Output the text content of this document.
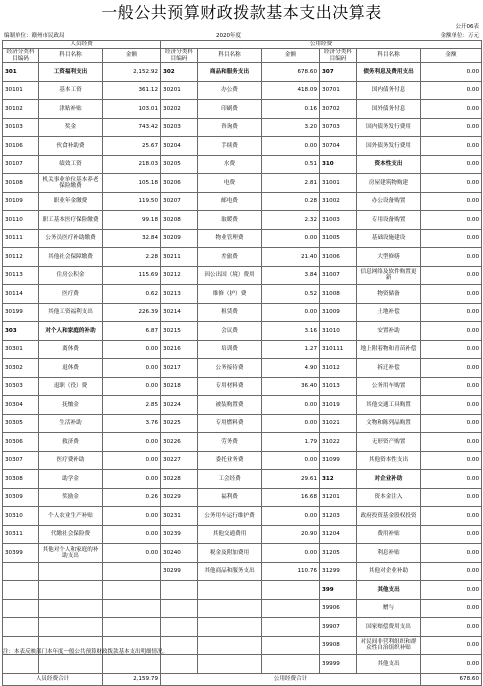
一般公共预算财政拨款基本支出决算表
公开06表
编制单位：赣州市民政局	2020年度	金额单位：万元
人员经费			公用经费					
经济分类科目编码	科目名称	金额	经济分类科目编码	科目名称	金额	经济分类科目编码	科目名称	金额
301	工资福利支出	2,152.92	302	商品和服务支出	678.60	307	债务利息及费用支出	0.00
30101	基本工资	361.12	30201	办公费	418.09	30701	国内债务付息	0.00
30102	津贴补贴	103.01	30202	印刷费	0.16	30702	国外债务付息	0.00
30103	奖金	743.42	30203	咨询费	3.20	30703	国内债务发行费用	0.00
30106	伙食补助费	25.67	30204	手续费	0.00	30704	国外债务发行费用	0.00
30107	绩效工资	218.03	30205	水费	0.51	310	资本性支出	0.00
30108	机关事业单位基本养老保险缴费	105.18	30206	电费	2.81	31001	房屋建筑物购建	0.00
30109	职业年金缴费	119.50	30207	邮电费	0.28	31002	办公设备购置	0.00
30110	职工基本医疗保险缴费	99.18	30208	取暖费	2.32	31003	专用设备购置	0.00
30111	公务员医疗补助缴费	32.84	30209	物业管理费	0.00	31005	基础设施建设	0.00
30112	其他社会保障缴费	2.28	30211	差旅费	21.40	31006	大型修缮	0.00
30113	住房公积金	115.69	30212	因公出国（境）费用	3.84	31007	信息网络及软件购置更新	0.00
30114	医疗费	0.62	30213	维修（护）费	0.52	31008	物资储备	0.00
30199	其他工资福利支出	226.39	30214	租赁费	0.00	31009	土地补偿	0.00
303	对个人和家庭的补助	6.87	30215	会议费	3.16	31010	安置补助	0.00
30301	离休费	0.00	30216	培训费	1.27	310111	地上附着物和青苗补偿	0.00
30302	退休费	0.00	30217	公务接待费	4.90	31012	拆迁补偿	0.00
30303	退职（役）费	0.00	30218	专用材料费	36.40	31013	公务用车购置	0.00
30304	抚恤金	2.85	30224	被装购置费	0.00	31019	其他交通工具购置	0.00
30305	生活补助	3.76	30225	专用燃料费	0.00	31021	文物和陈列品购置	0.00
30306	救济费	0.00	30226	劳务费	1.79	31022	无形资产购置	0.00
30307	医疗费补助	0.00	30227	委托业务费	0.00	31099	其他资本性支出	0.00
30308	助学金	0.00	30228	工会经费	29.61	312	对企业补助	0.00
30309	奖励金	0.26	30229	福利费	16.68	31201	资本金注入	0.00
30310	个人农业生产补贴	0.00	30231	公务用车运行维护费	0.00	31203	政府投资基金股权投资	0.00
30311	代缴社会保险费	0.00	30239	其他交通费用	20.90	31204	费用补贴	0.00
30399	其他对个人和家庭的补助支出	0.00	30240	税金及附加费用	0.00	31205	利息补贴	0.00
			30299	其他商品和服务支出	110.76	31299	其他对企业补助	0.00
						399	其他支出	0.00
						39906	赠与	0.00
						39907	国家赔偿费用支出	0.00
						39908	对民间非营利组织和群众性自治组织补贴	0.00
						39999	其他支出	0.00
人员经费合计		2,159.79	公用经费合计					678.60
注：本表反映部门本年度一般公共预算财政拨款基本支出明细情况。
